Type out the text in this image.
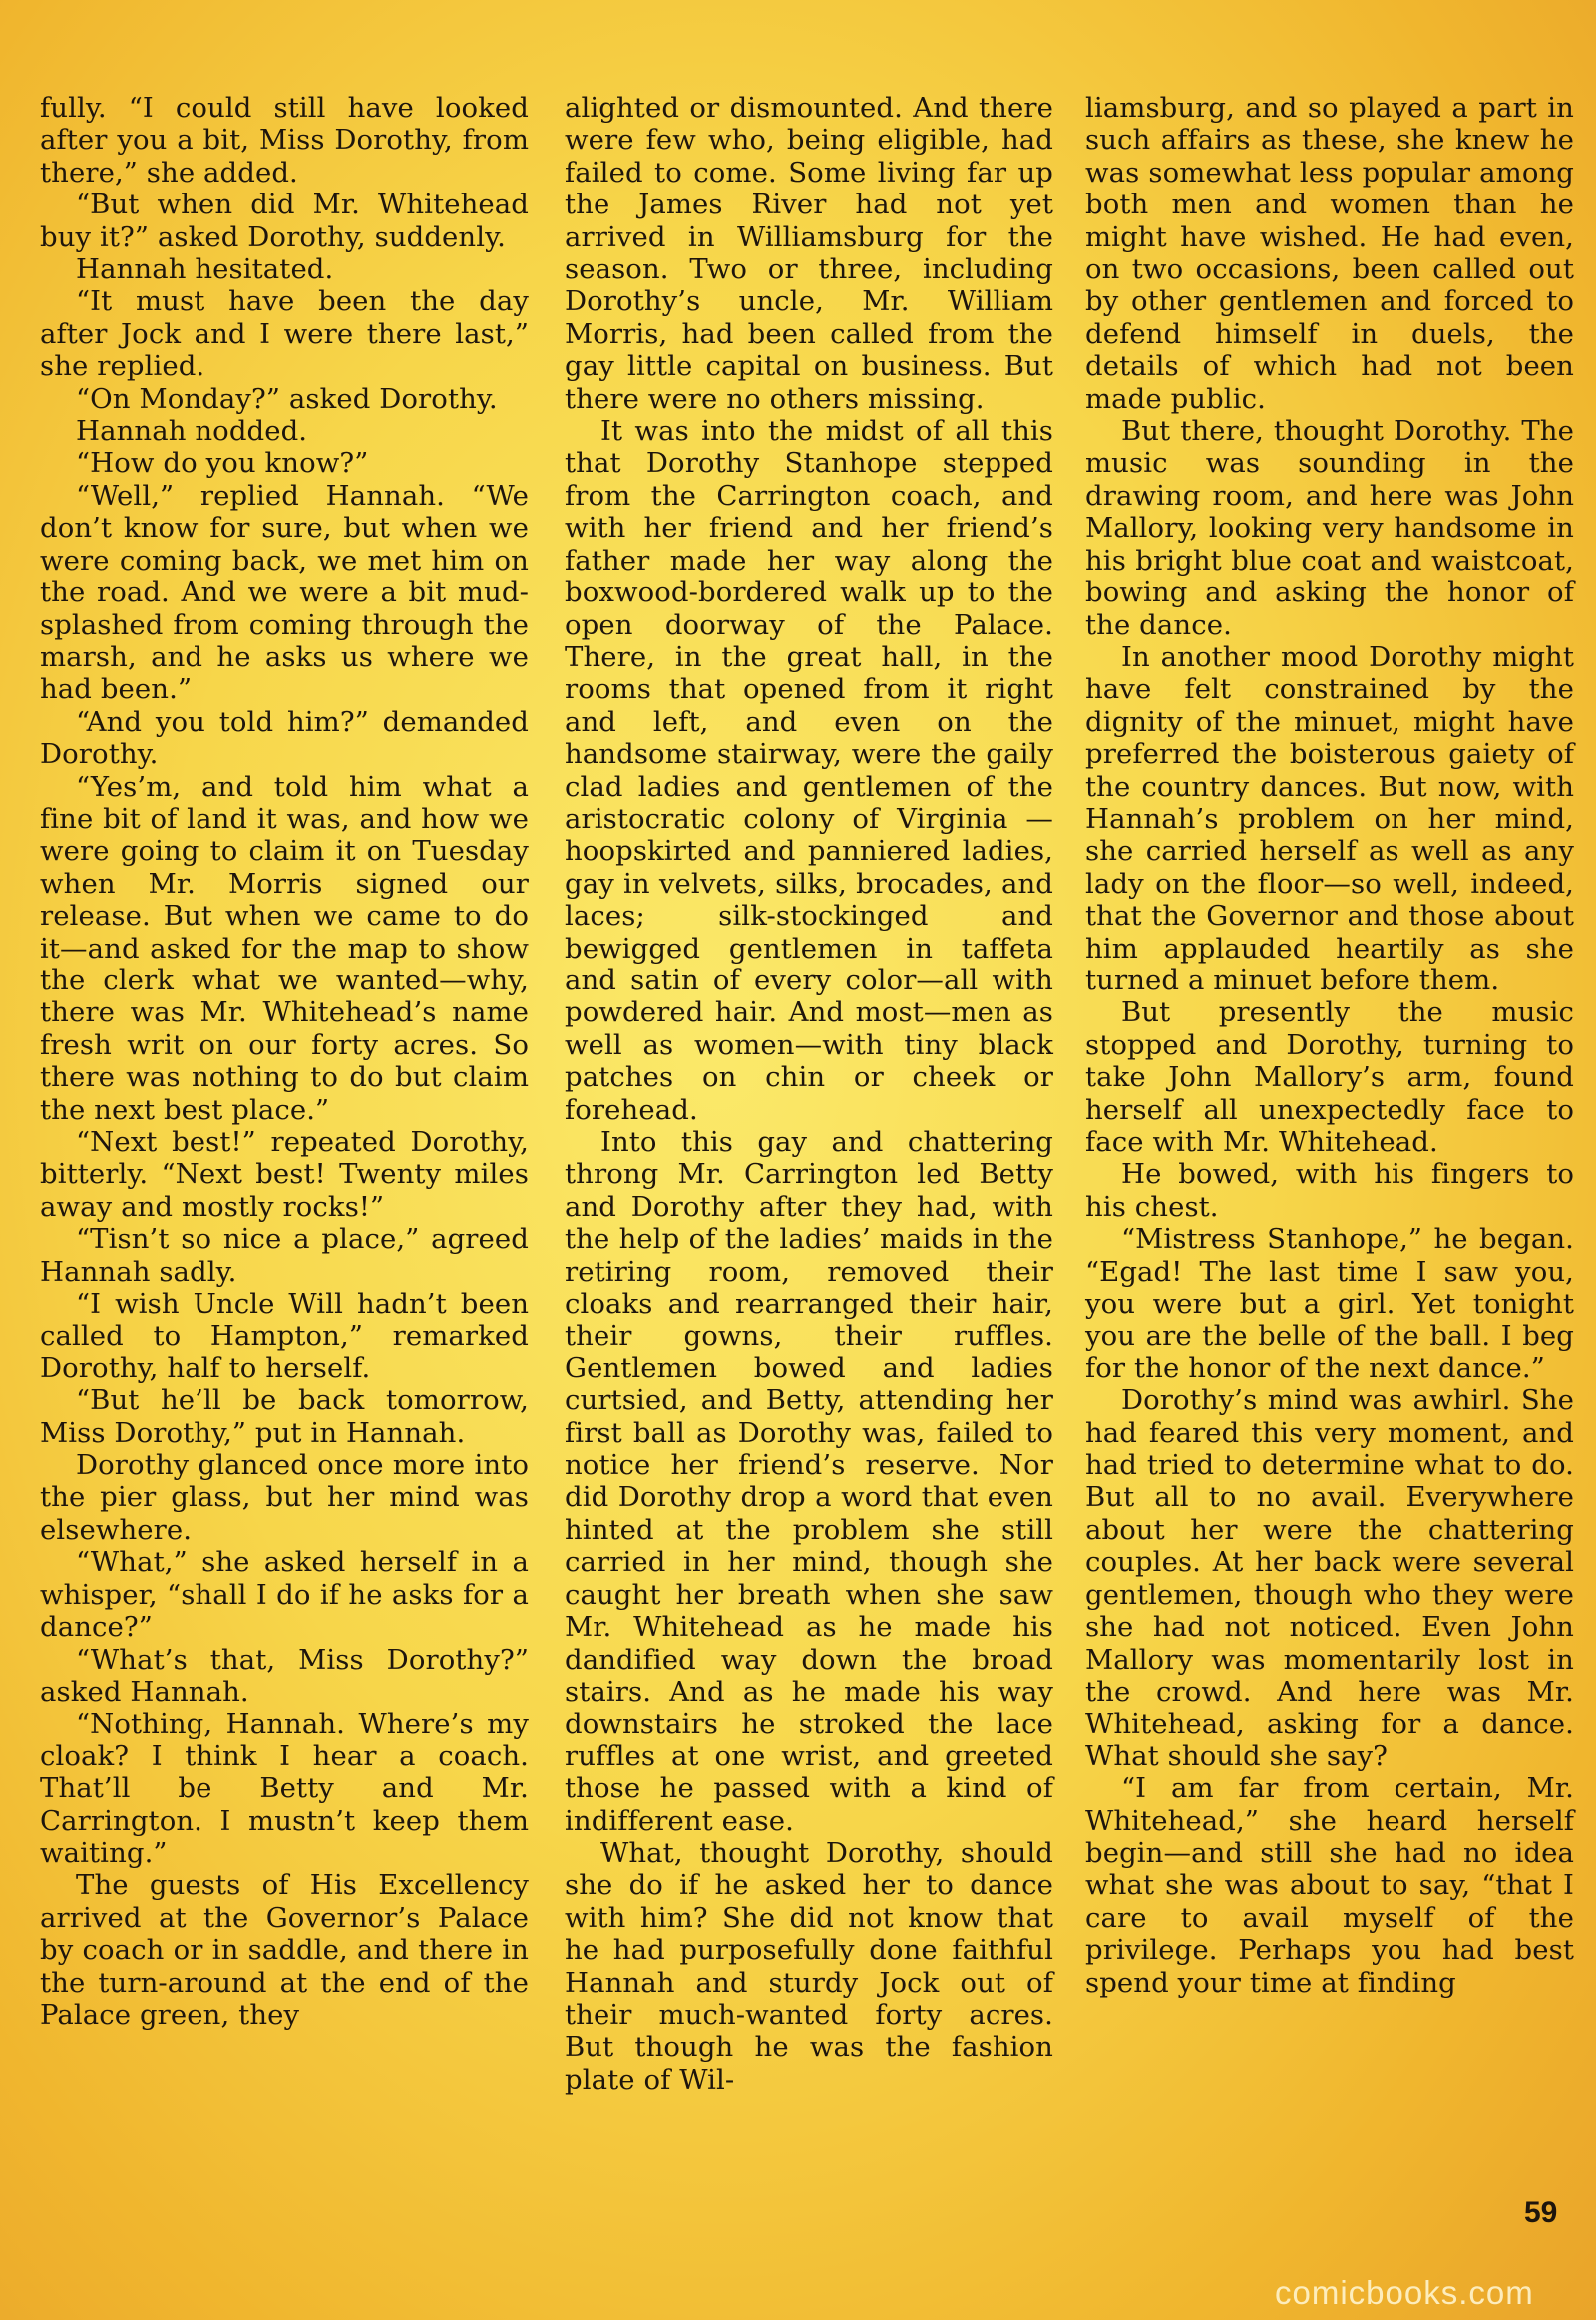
fully. “I could still have looked after you a bit, Miss Dorothy, from there,” she added.

“But when did Mr. Whitehead buy it?” asked Dorothy, suddenly.

Hannah hesitated.

“It must have been the day after Jock and I were there last,” she replied.

“On Monday?” asked Dorothy.

Hannah nodded.

“How do you know?”

“Well,” replied Hannah. “We don’t know for sure, but when we were coming back, we met him on the road. And we were a bit mud-splashed from coming through the marsh, and he asks us where we had been.”

“And you told him?” demanded Dorothy.

“Yes’m, and told him what a fine bit of land it was, and how we were going to claim it on Tuesday when Mr. Morris signed our release. But when we came to do it—and asked for the map to show the clerk what we wanted—why, there was Mr. Whitehead’s name fresh writ on our forty acres. So there was nothing to do but claim the next best place.”

“Next best!” repeated Dorothy, bitterly. “Next best! Twenty miles away and mostly rocks!”

“Tisn’t so nice a place,” agreed Hannah sadly.

“I wish Uncle Will hadn’t been called to Hampton,” remarked Dorothy, half to herself.

“But he’ll be back tomorrow, Miss Dorothy,” put in Hannah.

Dorothy glanced once more into the pier glass, but her mind was elsewhere.

“What,” she asked herself in a whisper, “shall I do if he asks for a dance?”

“What’s that, Miss Dorothy?” asked Hannah.

“Nothing, Hannah. Where’s my cloak? I think I hear a coach. That’ll be Betty and Mr. Carrington. I mustn’t keep them waiting.”

The guests of His Excellency arrived at the Governor’s Palace by coach or in saddle, and there in the turn-around at the end of the Palace green, they

alighted or dismounted. And there were few who, being eligible, had failed to come. Some living far up the James River had not yet arrived in Williamsburg for the season. Two or three, including Dorothy’s uncle, Mr. William Morris, had been called from the gay little capital on business. But there were no others missing.

It was into the midst of all this that Dorothy Stanhope stepped from the Carrington coach, and with her friend and her friend’s father made her way along the boxwood-bordered walk up to the open doorway of the Palace. There, in the great hall, in the rooms that opened from it right and left, and even on the handsome stairway, were the gaily clad ladies and gentlemen of the aristocratic colony of Virginia —hoopskirted and panniered ladies, gay in velvets, silks, brocades, and laces; silk-stockinged and bewigged gentlemen in taffeta and satin of every color—all with powdered hair. And most—men as well as women—with tiny black patches on chin or cheek or forehead.

Into this gay and chattering throng Mr. Carrington led Betty and Dorothy after they had, with the help of the ladies’ maids in the retiring room, removed their cloaks and rearranged their hair, their gowns, their ruffles. Gentlemen bowed and ladies curtsied, and Betty, attending her first ball as Dorothy was, failed to notice her friend’s reserve. Nor did Dorothy drop a word that even hinted at the problem she still carried in her mind, though she caught her breath when she saw Mr. Whitehead as he made his dandified way down the broad stairs. And as he made his way downstairs he stroked the lace ruffles at one wrist, and greeted those he passed with a kind of indifferent ease.

What, thought Dorothy, should she do if he asked her to dance with him? She did not know that he had purposefully done faithful Hannah and sturdy Jock out of their much-wanted forty acres. But though he was the fashion plate of Wil-

liamsburg, and so played a part in such affairs as these, she knew he was somewhat less popular among both men and women than he might have wished. He had even, on two occasions, been called out by other gentlemen and forced to defend himself in duels, the details of which had not been made public.

But there, thought Dorothy. The music was sounding in the drawing room, and here was John Mallory, looking very handsome in his bright blue coat and waistcoat, bowing and asking the honor of the dance.

In another mood Dorothy might have felt constrained by the dignity of the minuet, might have preferred the boisterous gaiety of the country dances. But now, with Hannah’s problem on her mind, she carried herself as well as any lady on the floor—so well, indeed, that the Governor and those about him applauded heartily as she turned a minuet before them.

But presently the music stopped and Dorothy, turning to take John Mallory’s arm, found herself all unexpectedly face to face with Mr. Whitehead.

He bowed, with his fingers to his chest.

“Mistress Stanhope,” he began. “Egad! The last time I saw you, you were but a girl. Yet tonight you are the belle of the ball. I beg for the honor of the next dance.”

Dorothy’s mind was awhirl. She had feared this very moment, and had tried to determine what to do. But all to no avail. Everywhere about her were the chattering couples. At her back were several gentlemen, though who they were she had not noticed. Even John Mallory was momentarily lost in the crowd. And here was Mr. Whitehead, asking for a dance. What should she say?

“I am far from certain, Mr. Whitehead,” she heard herself begin—and still she had no idea what she was about to say, “that I care to avail myself of the privilege. Perhaps you had best spend your time at finding

59
comicbooks.com
